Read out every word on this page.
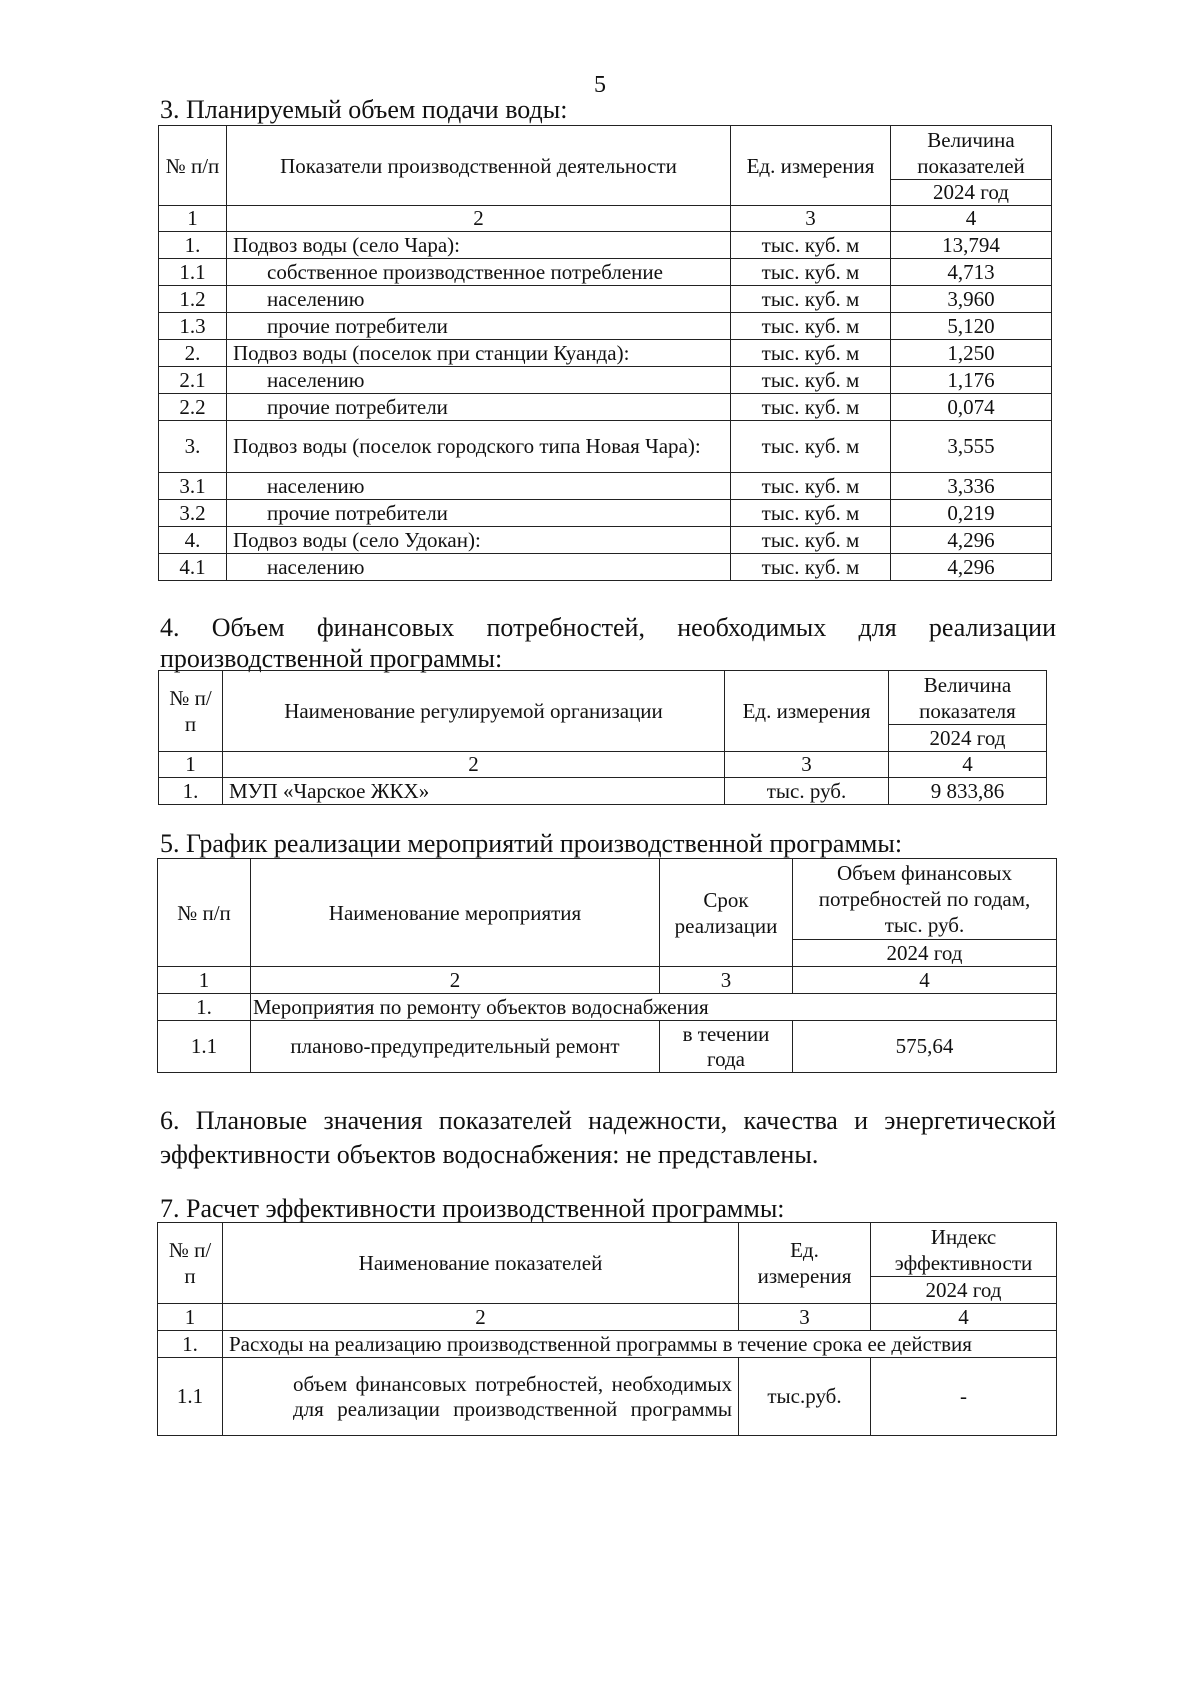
5
3. Планируемый объем подачи воды:
№ п/п	Показатели производственной деятельности	Ед. измерения	Величина показателей
			2024 год
1	2	3	4
1.	Подвоз воды (село Чара):	тыс. куб. м	13,794
1.1	собственное производственное потребление	тыс. куб. м	4,713
1.2	населению	тыс. куб. м	3,960
1.3	прочие потребители	тыс. куб. м	5,120
2.	Подвоз воды (поселок при станции Куанда):	тыс. куб. м	1,250
2.1	населению	тыс. куб. м	1,176
2.2	прочие потребители	тыс. куб. м	0,074
3.	Подвоз воды (поселок городского типа Новая Чара):	тыс. куб. м	3,555
3.1	населению	тыс. куб. м	3,336
3.2	прочие потребители	тыс. куб. м	0,219
4.	Подвоз воды (село Удокан):	тыс. куб. м	4,296
4.1	населению	тыс. куб. м	4,296

4. Объем финансовых потребностей, необходимых для реализации производственной программы:

№ п/п	Наименование регулируемой организации	Ед. измерения	Величина показателя
			2024 год
1	2	3	4
1.	МУП «Чарское ЖКХ»	тыс. руб.	9 833,86
5. График реализации мероприятий производственной программы:
№ п/п	Наименование мероприятия	Срок реализации	Объем финансовых потребностей по годам, тыс. руб.
			2024 год
1	2	3	4
1.	Мероприятия по ремонту объектов водоснабжения		
1.1	планово-предупредительный ремонт	в течении года	575,64

6. Плановые значения показателей надежности, качества и энергетической эффективности объектов водоснабжения: не представлены.

7. Расчет эффективности производственной программы:
№ п/п	Наименование показателей	Ед. измерения	Индекс эффективности
			2024 год
1	2	3	4
1.	Расходы на реализацию производственной программы в течение срока ее действия		
1.1	объем финансовых потребностей, необходимых для реализации производственной программы	тыс.руб.	-
